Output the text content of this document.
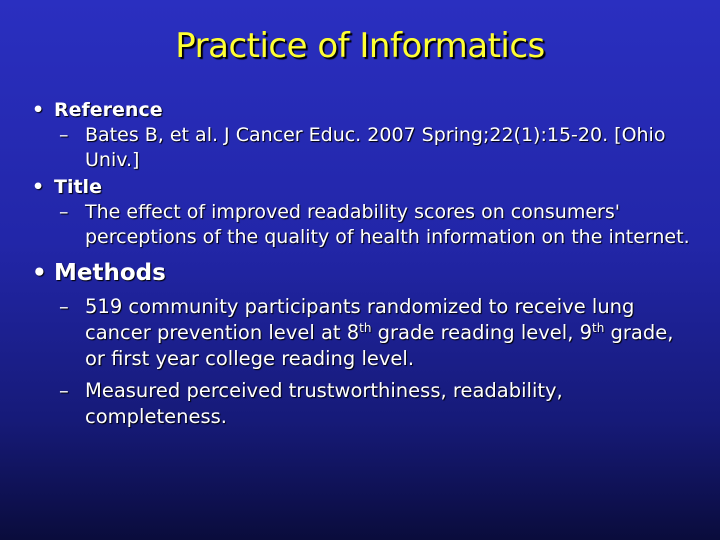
Practice of Informatics
• Reference
– Bates B, et al. J Cancer Educ. 2007 Spring;22(1):15-20. [Ohio Univ.]
• Title
– The effect of improved readability scores on consumers' perceptions of the quality of health information on the internet.
• Methods
– 519 community participants randomized to receive lung cancer prevention level at 8th grade reading level, 9th grade, or first year college reading level.
– Measured perceived trustworthiness, readability, completeness.
